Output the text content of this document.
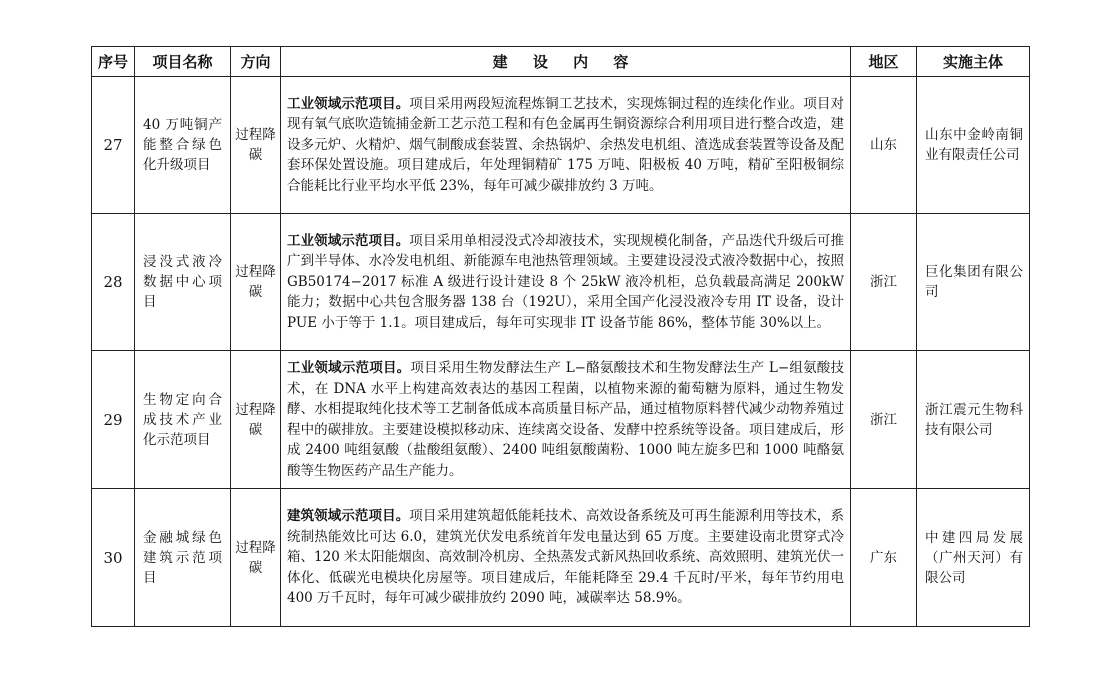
序号	项目名称	方向	建 设 内 容	地区	实施主体
27	40 万吨铜产能整合绿色化升级项目	过程降碳	工业领域示范项目。项目采用两段短流程炼铜工艺技术，实现炼铜过程的连续化作业。项目对现有氧气底吹造锍捕金新工艺示范工程和有色金属再生铜资源综合利用项目进行整合改造，建设多元炉、火精炉、烟气制酸成套装置、余热锅炉、余热发电机组、渣选成套装置等设备及配套环保处置设施。项目建成后，年处理铜精矿 175 万吨、阳极板 40 万吨，精矿至阳极铜综合能耗比行业平均水平低 23%，每年可减少碳排放约 3 万吨。	山东	山东中金岭南铜业有限责任公司
28	浸没式液冷数据中心项目	过程降碳	工业领域示范项目。项目采用单相浸没式冷却液技术，实现规模化制备，产品迭代升级后可推广到半导体、水冷发电机组、新能源车电池热管理领域。主要建设浸没式液冷数据中心，按照 GB50174−2017 标准 A 级进行设计建设 8 个 25kW 液冷机柜，总负载最高满足 200kW 能力；数据中心共包含服务器 138 台（192U），采用全国产化浸没液冷专用 IT 设备，设计 PUE 小于等于 1.1。项目建成后，每年可实现非 IT 设备节能 86%，整体节能 30%以上。	浙江	巨化集团有限公司
29	生物定向合成技术产业化示范项目	过程降碳	工业领域示范项目。项目采用生物发酵法生产 L−酪氨酸技术和生物发酵法生产 L−组氨酸技术，在 DNA 水平上构建高效表达的基因工程菌，以植物来源的葡萄糖为原料，通过生物发酵、水相提取纯化技术等工艺制备低成本高质量目标产品，通过植物原料替代减少动物养殖过程中的碳排放。主要建设模拟移动床、连续离交设备、发酵中控系统等设备。项目建成后，形成 2400 吨组氨酸（盐酸组氨酸）、2400 吨组氨酸菌粉、1000 吨左旋多巴和 1000 吨酪氨酸等生物医药产品生产能力。	浙江	浙江震元生物科技有限公司
30	金融城绿色建筑示范项目	过程降碳	建筑领域示范项目。项目采用建筑超低能耗技术、高效设备系统及可再生能源利用等技术，系统制热能效比可达 6.0，建筑光伏发电系统首年发电量达到 65 万度。主要建设南北贯穿式冷箱、120 米太阳能烟囱、高效制冷机房、全热蒸发式新风热回收系统、高效照明、建筑光伏一体化、低碳光电模块化房屋等。项目建成后，年能耗降至 29.4 千瓦时/平米，每年节约用电 400 万千瓦时，每年可减少碳排放约 2090 吨，减碳率达 58.9%。	广东	中建四局发展（广州天河）有限公司
